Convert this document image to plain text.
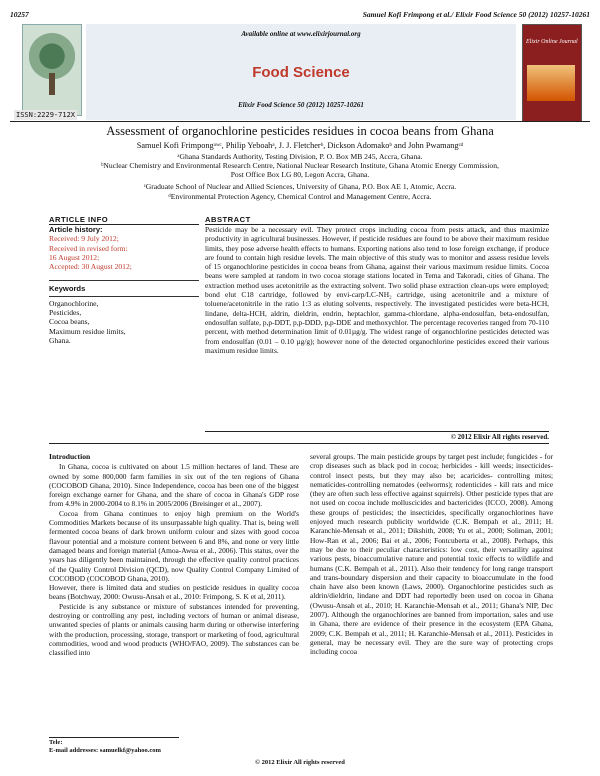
10257	Samuel Kofi Frimpong et al./ Elixir Food Science 50 (2012) 10257-10261
ISSN:2229-712X
Available online at www.elixirjournal.org
Food Science
Elixir Food Science 50 (2012) 10257-10261
Elixir Online Journal
Assessment of organochlorine pesticides residues in cocoa beans from Ghana
Samuel Kofi Frimpongᵃʷᶜ, Philip Yeboahᵃ, J. J. Fletcherᵇ, Dickson Adomakoᵇ and John Pwamangᶜᵈ
ᵃGhana Standards Authority, Testing Division, P. O. Box MB 245, Accra, Ghana.
ᵇNuclear Chemistry and Environmental Research Centre, National Nuclear Research Institute, Ghana Atomic Energy Commission,
Post Office Box LG 80, Legon Accra, Ghana.
ᶜGraduate School of Nuclear and Allied Sciences, University of Ghana, P.O. Box AE 1, Atomic, Accra.
ᵈEnvironmental Protection Agency, Chemical Control and Management Centre, Accra.
ARTICLE INFO	ABSTRACT
Article history:
Received: 9 July 2012;
Received in revised form:
16 August 2012;
Accepted: 30 August 2012;
Keywords
Organochlorine,
Pesticides,
Cocoa beans,
Maximum residue limits,
Ghana.
Pesticide may be a necessary evil. They protect crops including cocoa from pests attack, and thus maximize productivity in agricultural businesses. However, if pesticide residues are found to be above their maximum residue limits, they pose adverse health effects to humans. Exporting nations also tend to lose foreign exchange, if produce are found to contain high residue levels. The main objective of this study was to monitor and assess residue levels of 15 organochlorine pesticides in cocoa beans from Ghana, against their various maximum residue limits. Cocoa beans were sampled at random in two cocoa storage stations located in Tema and Takoradi, cities of Ghana. The extraction method uses acetonitrile as the extracting solvent. Two solid phase extraction clean-ups were employed; bond elut C18 cartridge, followed by envi-carp/LC-NH₂ cartridge, using acetonitrile and a mixture of toluene/acetonitrile in the ratio 1:3 as eluting solvents, respectively. The investigated pesticides were beta-HCH, lindane, delta-HCH, aldrin, dieldrin, endrin, heptachlor, gamma-chlordane, alpha-endosulfan, beta-endosulfan, endosulfan sulfate, p,p-DDT, p,p-DDD, p,p-DDE and methoxychlor. The percentage recoveries ranged from 70-110 percent, with method determination limit of 0.01µg/g. The widest range of organochlorine pesticides detected was from endosulfan (0.01 – 0.10 µg/g); however none of the detected organochlorine pesticides exceed their various maximum residue limits.
© 2012 Elixir All rights reserved.
Introduction

In Ghana, cocoa is cultivated on about 1.5 million hectares of land. These are owned by some 800,000 farm families in six out of the ten regions of Ghana (COCOBOD Ghana, 2010). Since Independence, cocoa has been one of the biggest foreign exchange earner for Ghana, and the share of cocoa in Ghana's GDP rose from 4.9% in 2000-2004 to 8.1% in 2005/2006 (Breisinger et al., 2007).

Cocoa from Ghana continues to enjoy high premium on the World's Commodities Markets because of its unsurpassable high quality. That is, being well fermented cocoa beans of dark brown uniform colour and sizes with good cocoa flavour potential and a moisture content between 6 and 8%, and none or very little damaged beans and foreign material (Amoa-Awua et al., 2006). This status, over the years has diligently been maintained, through the effective quality control practices of the Quality Control Division (QCD), now Quality Control Company Limited of COCOBOD (COCOBOD Ghana, 2010).

However, there is limited data and studies on pesticide residues in quality cocoa beans (Botchway, 2000: Owusu-Ansah et al., 2010: Frimpong, S. K et al, 2011).

Pesticide is any substance or mixture of substances intended for preventing, destroying or controlling any pest, including vectors of human or animal disease, unwanted species of plants or animals causing harm during or otherwise interfering with the production, processing, storage, transport or marketing of food, agricultural commodities, wood and wood products (WHO/FAO, 2009). The substances can be classified into

several groups. The main pesticide groups by target pest include; fungicides - for crop diseases such as black pod in cocoa; herbicides - kill weeds; insecticides- control insect pests, but they may also be; acaricides- controlling mites; nematicides-controlling nematodes (eelworms); rodenticides - kill rats and mice (they are often such less effective against squirrels). Other pesticide types that are not used on cocoa include molluscicides and bactericides (ICCO, 2008). Among these groups of pesticides; the insecticides, specifically organochlorines have enjoyed much research publicity worldwide (C.K. Bempah et al., 2011; H. Karanchie-Mensah et al., 2011; Dikshith, 2008; Yu et al., 2000; Soliman, 2001; How-Ran et al., 2006; Bai et al., 2006; Fontcuberta et al., 2008). Perhaps, this may be due to their peculiar characteristics: low cost, their versatility against various pests, bioaccumulative nature and potential toxic effects to wildlife and humans (C.K. Bempah et al., 2011). Also their tendency for long range transport and trans-boundary dispersion and their capacity to bioaccumulate in the food chain have also been known (Laws, 2000). Organochlorine pesticides such as aldrin/dieldrin, lindane and DDT had reportedly been used on cocoa in Ghana (Owusu-Ansah et al., 2010; H. Karanchie-Mensah et al., 2011; Ghana's NIP, Dec 2007). Although the organochlorines are banned from importation, sales and use in Ghana, there are evidence of their presence in the ecosystem (EPA Ghana, 2009; C.K. Bempah et al., 2011; H. Karanchie-Mensah et al., 2011). Pesticides in general, may be necessary evil. They are the sure way of protecting crops including cocoa

Tele:
E-mail addresses: samuelkf@yahoo.com
© 2012 Elixir All rights reserved
